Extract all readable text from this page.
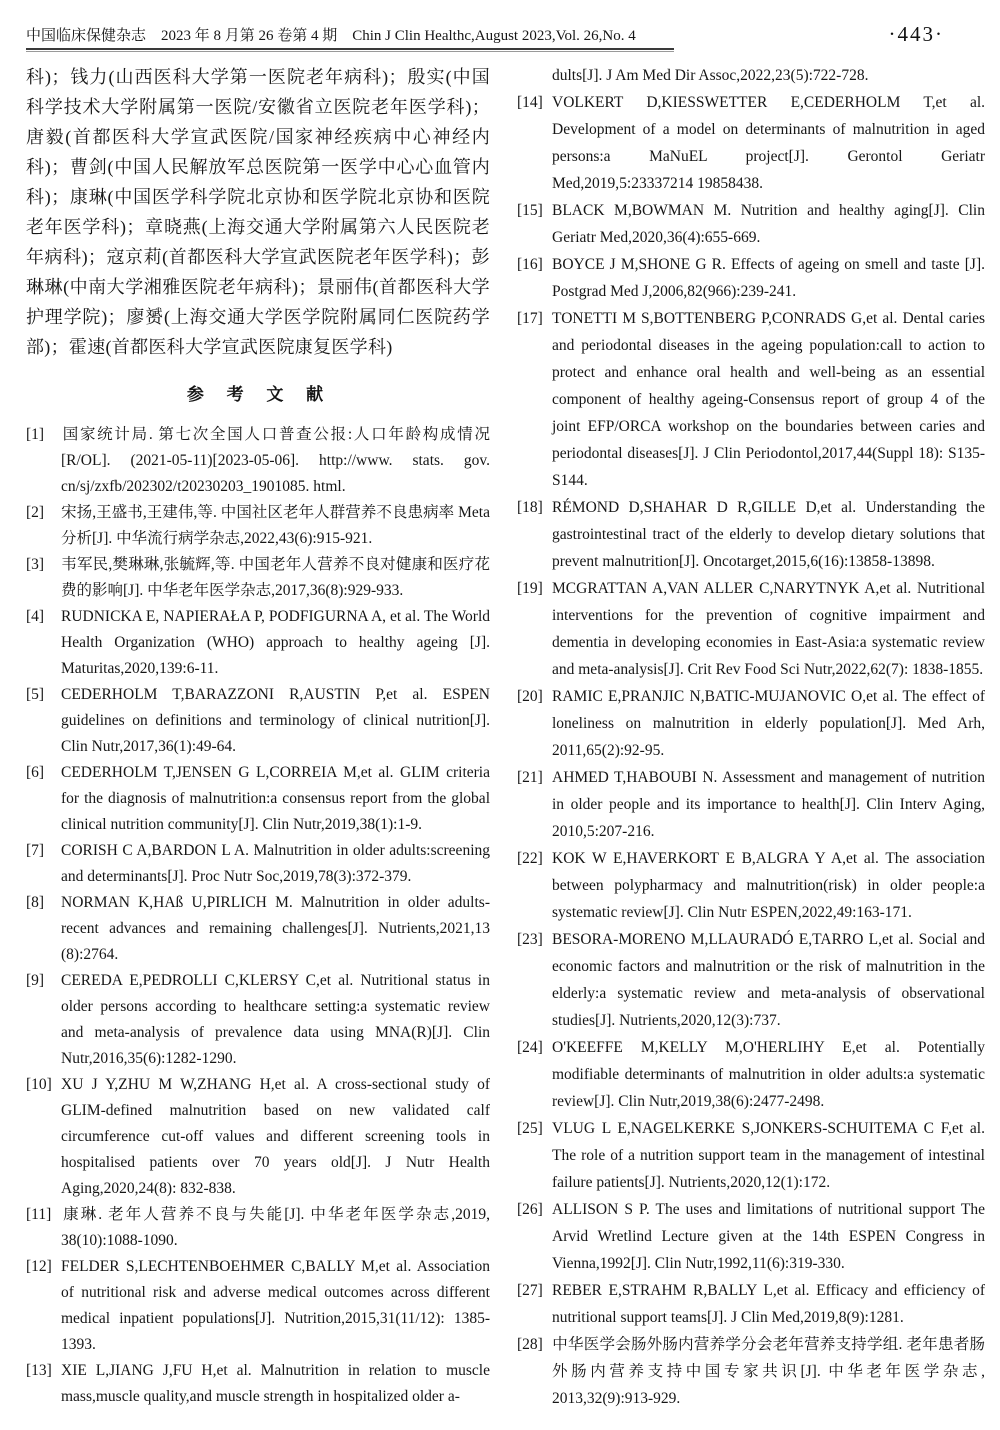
中国临床保健杂志　2023 年 8 月第 26 卷第 4 期　Chin J Clin Healthc,August 2023,Vol. 26,No. 4	·443·

科)；钱力(山西医科大学第一医院老年病科)；殷实(中国科学技术大学附属第一医院/安徽省立医院老年医学科)；唐毅(首都医科大学宣武医院/国家神经疾病中心神经内科)；曹剑(中国人民解放军总医院第一医学中心心血管内科)；康琳(中国医学科学院北京协和医学院北京协和医院老年医学科)；章晓燕(上海交通大学附属第六人民医院老年病科)；寇京莉(首都医科大学宣武医院老年医学科)；彭琳琳(中南大学湘雅医院老年病科)；景丽伟(首都医科大学护理学院)；廖赟(上海交通大学医学院附属同仁医院药学部)；霍速(首都医科大学宣武医院康复医学科)

参 考 文 献

[1] 国家统计局. 第七次全国人口普查公报:人口年龄构成情况[R/OL]. (2021-05-11)[2023-05-06]. http://www. stats. gov. cn/sj/zxfb/202302/t20230203_1901085. html.

[2] 宋扬,王盛书,王建伟,等. 中国社区老年人群营养不良患病率 Meta 分析[J]. 中华流行病学杂志,2022,43(6):915-921.

[3] 韦军民,樊琳琳,张毓辉,等. 中国老年人营养不良对健康和医疗花费的影响[J]. 中华老年医学杂志,2017,36(8):929-933.

[4] RUDNICKA E, NAPIERAŁA P, PODFIGURNA A, et al. The World Health Organization (WHO) approach to healthy ageing [J]. Maturitas,2020,139:6-11.

[5] CEDERHOLM T,BARAZZONI R,AUSTIN P,et al. ESPEN guidelines on definitions and terminology of clinical nutrition[J]. Clin Nutr,2017,36(1):49-64.

[6] CEDERHOLM T,JENSEN G L,CORREIA M,et al. GLIM criteria for the diagnosis of malnutrition:a consensus report from the global clinical nutrition community[J]. Clin Nutr,2019,38(1):1-9.

[7] CORISH C A,BARDON L A. Malnutrition in older adults:screening and determinants[J]. Proc Nutr Soc,2019,78(3):372-379.

[8] NORMAN K,HAß U,PIRLICH M. Malnutrition in older adults-recent advances and remaining challenges[J]. Nutrients,2021,13 (8):2764.

[9] CEREDA E,PEDROLLI C,KLERSY C,et al. Nutritional status in older persons according to healthcare setting:a systematic review and meta-analysis of prevalence data using MNA(R)[J]. Clin Nutr,2016,35(6):1282-1290.

[10] XU J Y,ZHU M W,ZHANG H,et al. A cross-sectional study of GLIM-defined malnutrition based on new validated calf circumference cut-off values and different screening tools in hospitalised patients over 70 years old[J]. J Nutr Health Aging,2020,24(8): 832-838.

[11] 康琳. 老年人营养不良与失能[J]. 中华老年医学杂志,2019, 38(10):1088-1090.

[12] FELDER S,LECHTENBOEHMER C,BALLY M,et al. Association of nutritional risk and adverse medical outcomes across different medical inpatient populations[J]. Nutrition,2015,31(11/12): 1385-1393.

[13] XIE L,JIANG J,FU H,et al. Malnutrition in relation to muscle mass,muscle quality,and muscle strength in hospitalized older a-

dults[J]. J Am Med Dir Assoc,2022,23(5):722-728.

[14] VOLKERT D,KIESSWETTER E,CEDERHOLM T,et al. Development of a model on determinants of malnutrition in aged persons:a MaNuEL project[J]. Gerontol Geriatr Med,2019,5:23337214 19858438.

[15] BLACK M,BOWMAN M. Nutrition and healthy aging[J]. Clin Geriatr Med,2020,36(4):655-669.

[16] BOYCE J M,SHONE G R. Effects of ageing on smell and taste [J]. Postgrad Med J,2006,82(966):239-241.

[17] TONETTI M S,BOTTENBERG P,CONRADS G,et al. Dental caries and periodontal diseases in the ageing population:call to action to protect and enhance oral health and well-being as an essential component of healthy ageing-Consensus report of group 4 of the joint EFP/ORCA workshop on the boundaries between caries and periodontal diseases[J]. J Clin Periodontol,2017,44(Suppl 18): S135-S144.

[18] RÉMOND D,SHAHAR D R,GILLE D,et al. Understanding the gastrointestinal tract of the elderly to develop dietary solutions that prevent malnutrition[J]. Oncotarget,2015,6(16):13858-13898.

[19] MCGRATTAN A,VAN ALLER C,NARYTNYK A,et al. Nutritional interventions for the prevention of cognitive impairment and dementia in developing economies in East-Asia:a systematic review and meta-analysis[J]. Crit Rev Food Sci Nutr,2022,62(7): 1838-1855.

[20] RAMIC E,PRANJIC N,BATIC-MUJANOVIC O,et al. The effect of loneliness on malnutrition in elderly population[J]. Med Arh, 2011,65(2):92-95.

[21] AHMED T,HABOUBI N. Assessment and management of nutrition in older people and its importance to health[J]. Clin Interv Aging, 2010,5:207-216.

[22] KOK W E,HAVERKORT E B,ALGRA Y A,et al. The association between polypharmacy and malnutrition(risk) in older people:a systematic review[J]. Clin Nutr ESPEN,2022,49:163-171.

[23] BESORA-MORENO M,LLAURADÓ E,TARRO L,et al. Social and economic factors and malnutrition or the risk of malnutrition in the elderly:a systematic review and meta-analysis of observational studies[J]. Nutrients,2020,12(3):737.

[24] O'KEEFFE M,KELLY M,O'HERLIHY E,et al. Potentially modifiable determinants of malnutrition in older adults:a systematic review[J]. Clin Nutr,2019,38(6):2477-2498.

[25] VLUG L E,NAGELKERKE S,JONKERS-SCHUITEMA C F,et al. The role of a nutrition support team in the management of intestinal failure patients[J]. Nutrients,2020,12(1):172.

[26] ALLISON S P. The uses and limitations of nutritional support The Arvid Wretlind Lecture given at the 14th ESPEN Congress in Vienna,1992[J]. Clin Nutr,1992,11(6):319-330.

[27] REBER E,STRAHM R,BALLY L,et al. Efficacy and efficiency of nutritional support teams[J]. J Clin Med,2019,8(9):1281.

[28] 中华医学会肠外肠内营养学分会老年营养支持学组. 老年患者肠外肠内营养支持中国专家共识[J]. 中华老年医学杂志, 2013,32(9):913-929.
